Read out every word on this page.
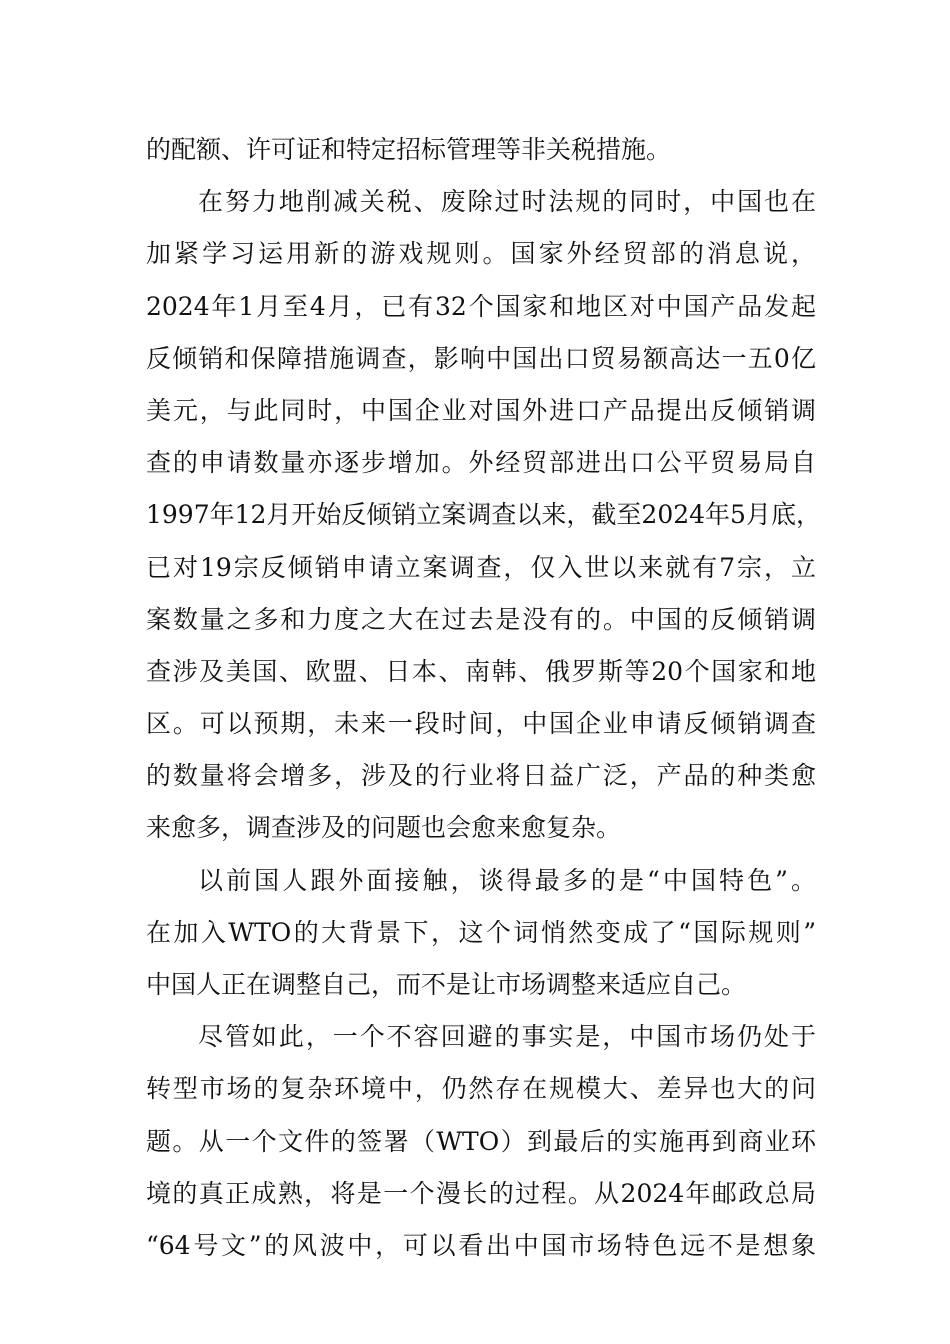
的配额、许可证和特定招标管理等非关税措施。
在努力地削减关税、废除过时法规的同时，中国也在
加紧学习运用新的游戏规则。国家外经贸部的消息说，
2024年1月至4月，已有32个国家和地区对中国产品发起
反倾销和保障措施调查，影响中国出口贸易额高达一五0亿
美元，与此同时，中国企业对国外进口产品提出反倾销调
查的申请数量亦逐步增加。外经贸部进出口公平贸易局自
1997年12月开始反倾销立案调查以来，截至2024年5月底，
已对19宗反倾销申请立案调查，仅入世以来就有7宗，立
案数量之多和力度之大在过去是没有的。中国的反倾销调
查涉及美国、欧盟、日本、南韩、俄罗斯等20个国家和地
区。可以预期，未来一段时间，中国企业申请反倾销调查
的数量将会增多，涉及的行业将日益广泛，产品的种类愈
来愈多，调查涉及的问题也会愈来愈复杂。
以前国人跟外面接触，谈得最多的是“中国特色”。
在加入WTO的大背景下，这个词悄然变成了“国际规则”
中国人正在调整自己，而不是让市场调整来适应自己。
尽管如此，一个不容回避的事实是，中国市场仍处于
转型市场的复杂环境中，仍然存在规模大、差异也大的问
题。从一个文件的签署（WTO）到最后的实施再到商业环
境的真正成熟，将是一个漫长的过程。从2024年邮政总局
“64号文”的风波中，可以看出中国市场特色远不是想象
